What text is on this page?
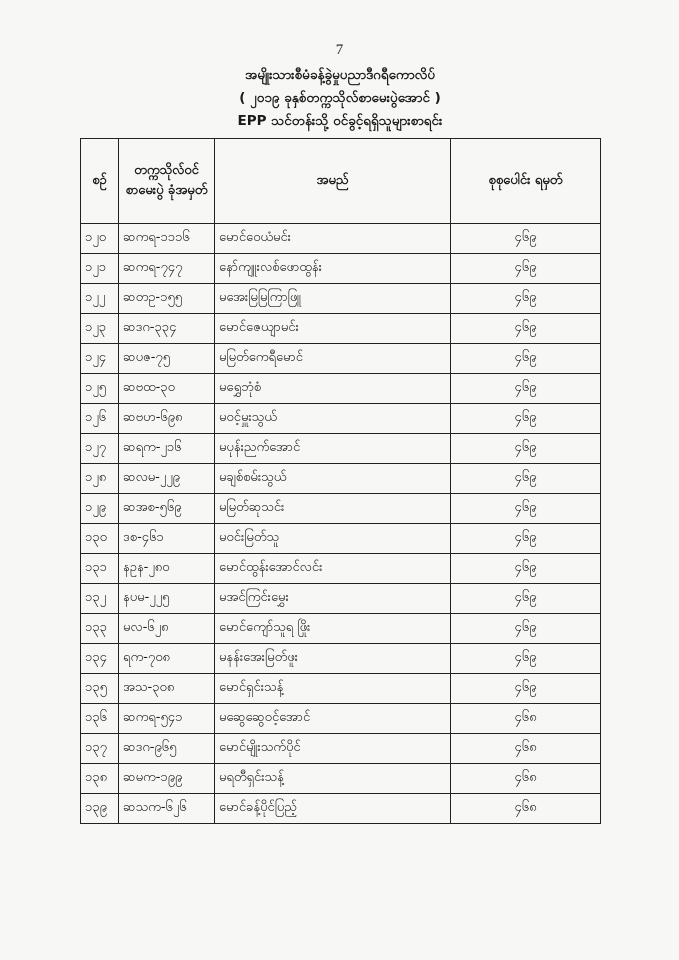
7
အမျိုးသားစီမံခန့်ခွဲမှုပညာဒီဂရီကောလိပ်
( ၂၀၁၉ ခုနှစ်တက္ကသိုလ်စာမေးပွဲအောင် )
EPP သင်တန်းသို့ ဝင်ခွင့်ရရှိသူများစာရင်း
စဉ်	တက္ကသိုလ်ဝင် စာမေးပွဲ ခုံအမှတ်	အမည်	စုစုပေါင်း ရမှတ်
၁၂၀	ဆကရ-၁၁၁၆	မောင်ဝေယံမင်း	၄၆၉
၁၂၁	ဆကရ-၇၄၇	နော်ကျူးလစ်ဖောထွန်း	၄၆၉
၁၂၂	ဆတဥ-၁၅၅	မအေးမြမြကြာဖြူ	၄၆၉
၁၂၃	ဆဒဂ-၃၃၄	မောင်ဇေယျာမင်း	၄၆၉
၁၂၄	ဆပဇ-၇၅	မမြတ်ကေရီမောင်	၄၆၉
၁၂၅	ဆဗထ-၃၀	မရွှေဘုံစံ	၄၆၉
၁၂၆	ဆဗဟ-၆၉၈	မဝင့်မှူးသွယ်	၄၆၉
၁၂၇	ဆရက-၂၁၆	မပုန်းညက်အောင်	၄၆၉
၁၂၈	ဆလမ-၂၂၉	မချစ်စမ်းသွယ်	၄၆၉
၁၂၉	ဆအစ-၅၆၉	မမြတ်ဆုသင်း	၄၆၉
၁၃၀	ဒစ-၄၆၁	မဝင်းမြတ်သူ	၄၆၉
၁၃၁	နဥန-၂၈၀	မောင်ထွန်းအောင်လင်း	၄၆၉
၁၃၂	နပမ-၂၂၅	မအင်ကြင်းမွှေး	၄၆၉
၁၃၃	မလ-၆၂၈	မောင်ကျော်သူရ ဖြိုး	၄၆၉
၁၃၄	ရက-၇၀၈	မနန်းအေးမြတ်ဖူး	၄၆၉
၁၃၅	အသ-၃၀၈	မောင်ရှင်းသန့်	၄၆၉
၁၃၆	ဆကရ-၅၄၁	မဆွေဆွေဝင့်အောင်	၄၆၈
၁၃၇	ဆဒဂ-၉၆၅	မောင်မျိုးသက်ပိုင်	၄၆၈
၁၃၈	ဆမက-၁၉၉	မရတီရှင်းသန့်	၄၆၈
၁၃၉	ဆသက-၆၂၆	မောင်ခန့်ပိုင်ပြည့်	၄၆၈
